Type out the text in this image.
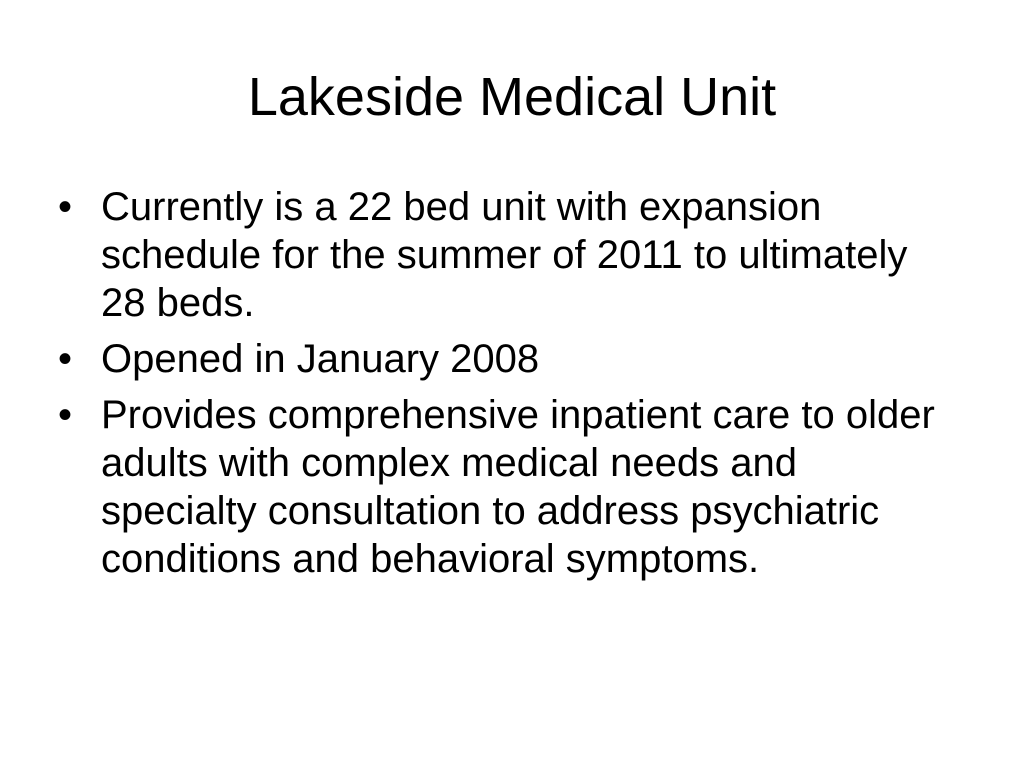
Lakeside Medical Unit
• Currently is a 22 bed unit with expansion schedule for the summer of 2011 to ultimately 28 beds.
• Opened in January 2008
• Provides comprehensive inpatient care to older adults with complex medical needs and specialty consultation to address psychiatric conditions and behavioral symptoms.
